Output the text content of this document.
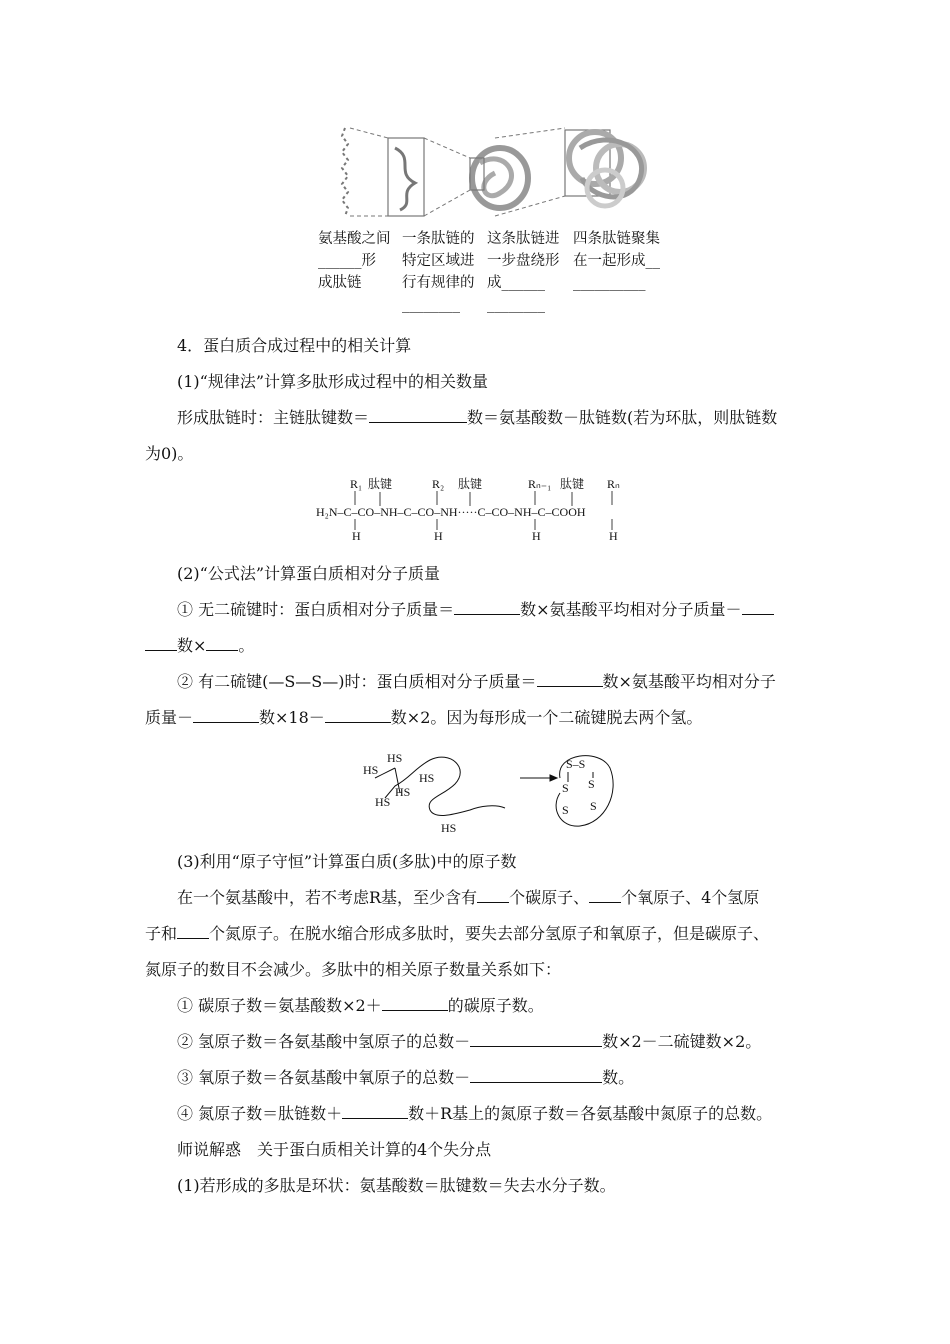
氨基酸之间
______形
成肽链
一条肽链的
特定区域进
行有规律的
________
这条肽链进
一步盘绕形
成______
________
四条肽链聚集
在一起形成__
__________
4．蛋白质合成过程中的相关计算
(1)“规律法”计算多肽形成过程中的相关数量
形成肽链时：主链肽键数＝	数＝氨基酸数－肽链数(若为环肽，则肽链数
为0)。
R₁ 肽键	R₂ 肽键	Rₙ₋₁ 肽键 Rₙ
H₂N–C–CO–NH–C–CO–NH·····C–CO–NH–C–COOH
H	H	H	H
(2)“公式法”计算蛋白质相对分子质量
① 无二硫键时：蛋白质相对分子质量＝	数×氨基酸平均相对分子质量－
数× 。
② 有二硫键(—S—S—)时：蛋白质相对分子质量＝	数×氨基酸平均相对分子
质量－	数×18－	数×2。因为每形成一个二硫键脱去两个氢。
HS
HS
HS
HS
HS
HS
S–S
S
S
S
S
(3)利用“原子守恒”计算蛋白质(多肽)中的原子数
在一个氨基酸中，若不考虑R基，至少含有 个碳原子、 个氧原子、4个氢原
子和 个氮原子。在脱水缩合形成多肽时，要失去部分氢原子和氧原子，但是碳原子、
氮原子的数目不会减少。多肽中的相关原子数量关系如下：
① 碳原子数＝氨基酸数×2＋	的碳原子数。
② 氢原子数＝各氨基酸中氢原子的总数－	数×2－二硫键数×2。
③ 氧原子数＝各氨基酸中氧原子的总数－	数。
④ 氮原子数＝肽链数＋	数＋R基上的氮原子数＝各氨基酸中氮原子的总数。
师说解惑　关于蛋白质相关计算的4个失分点
(1)若形成的多肽是环状：氨基酸数＝肽键数＝失去水分子数。
